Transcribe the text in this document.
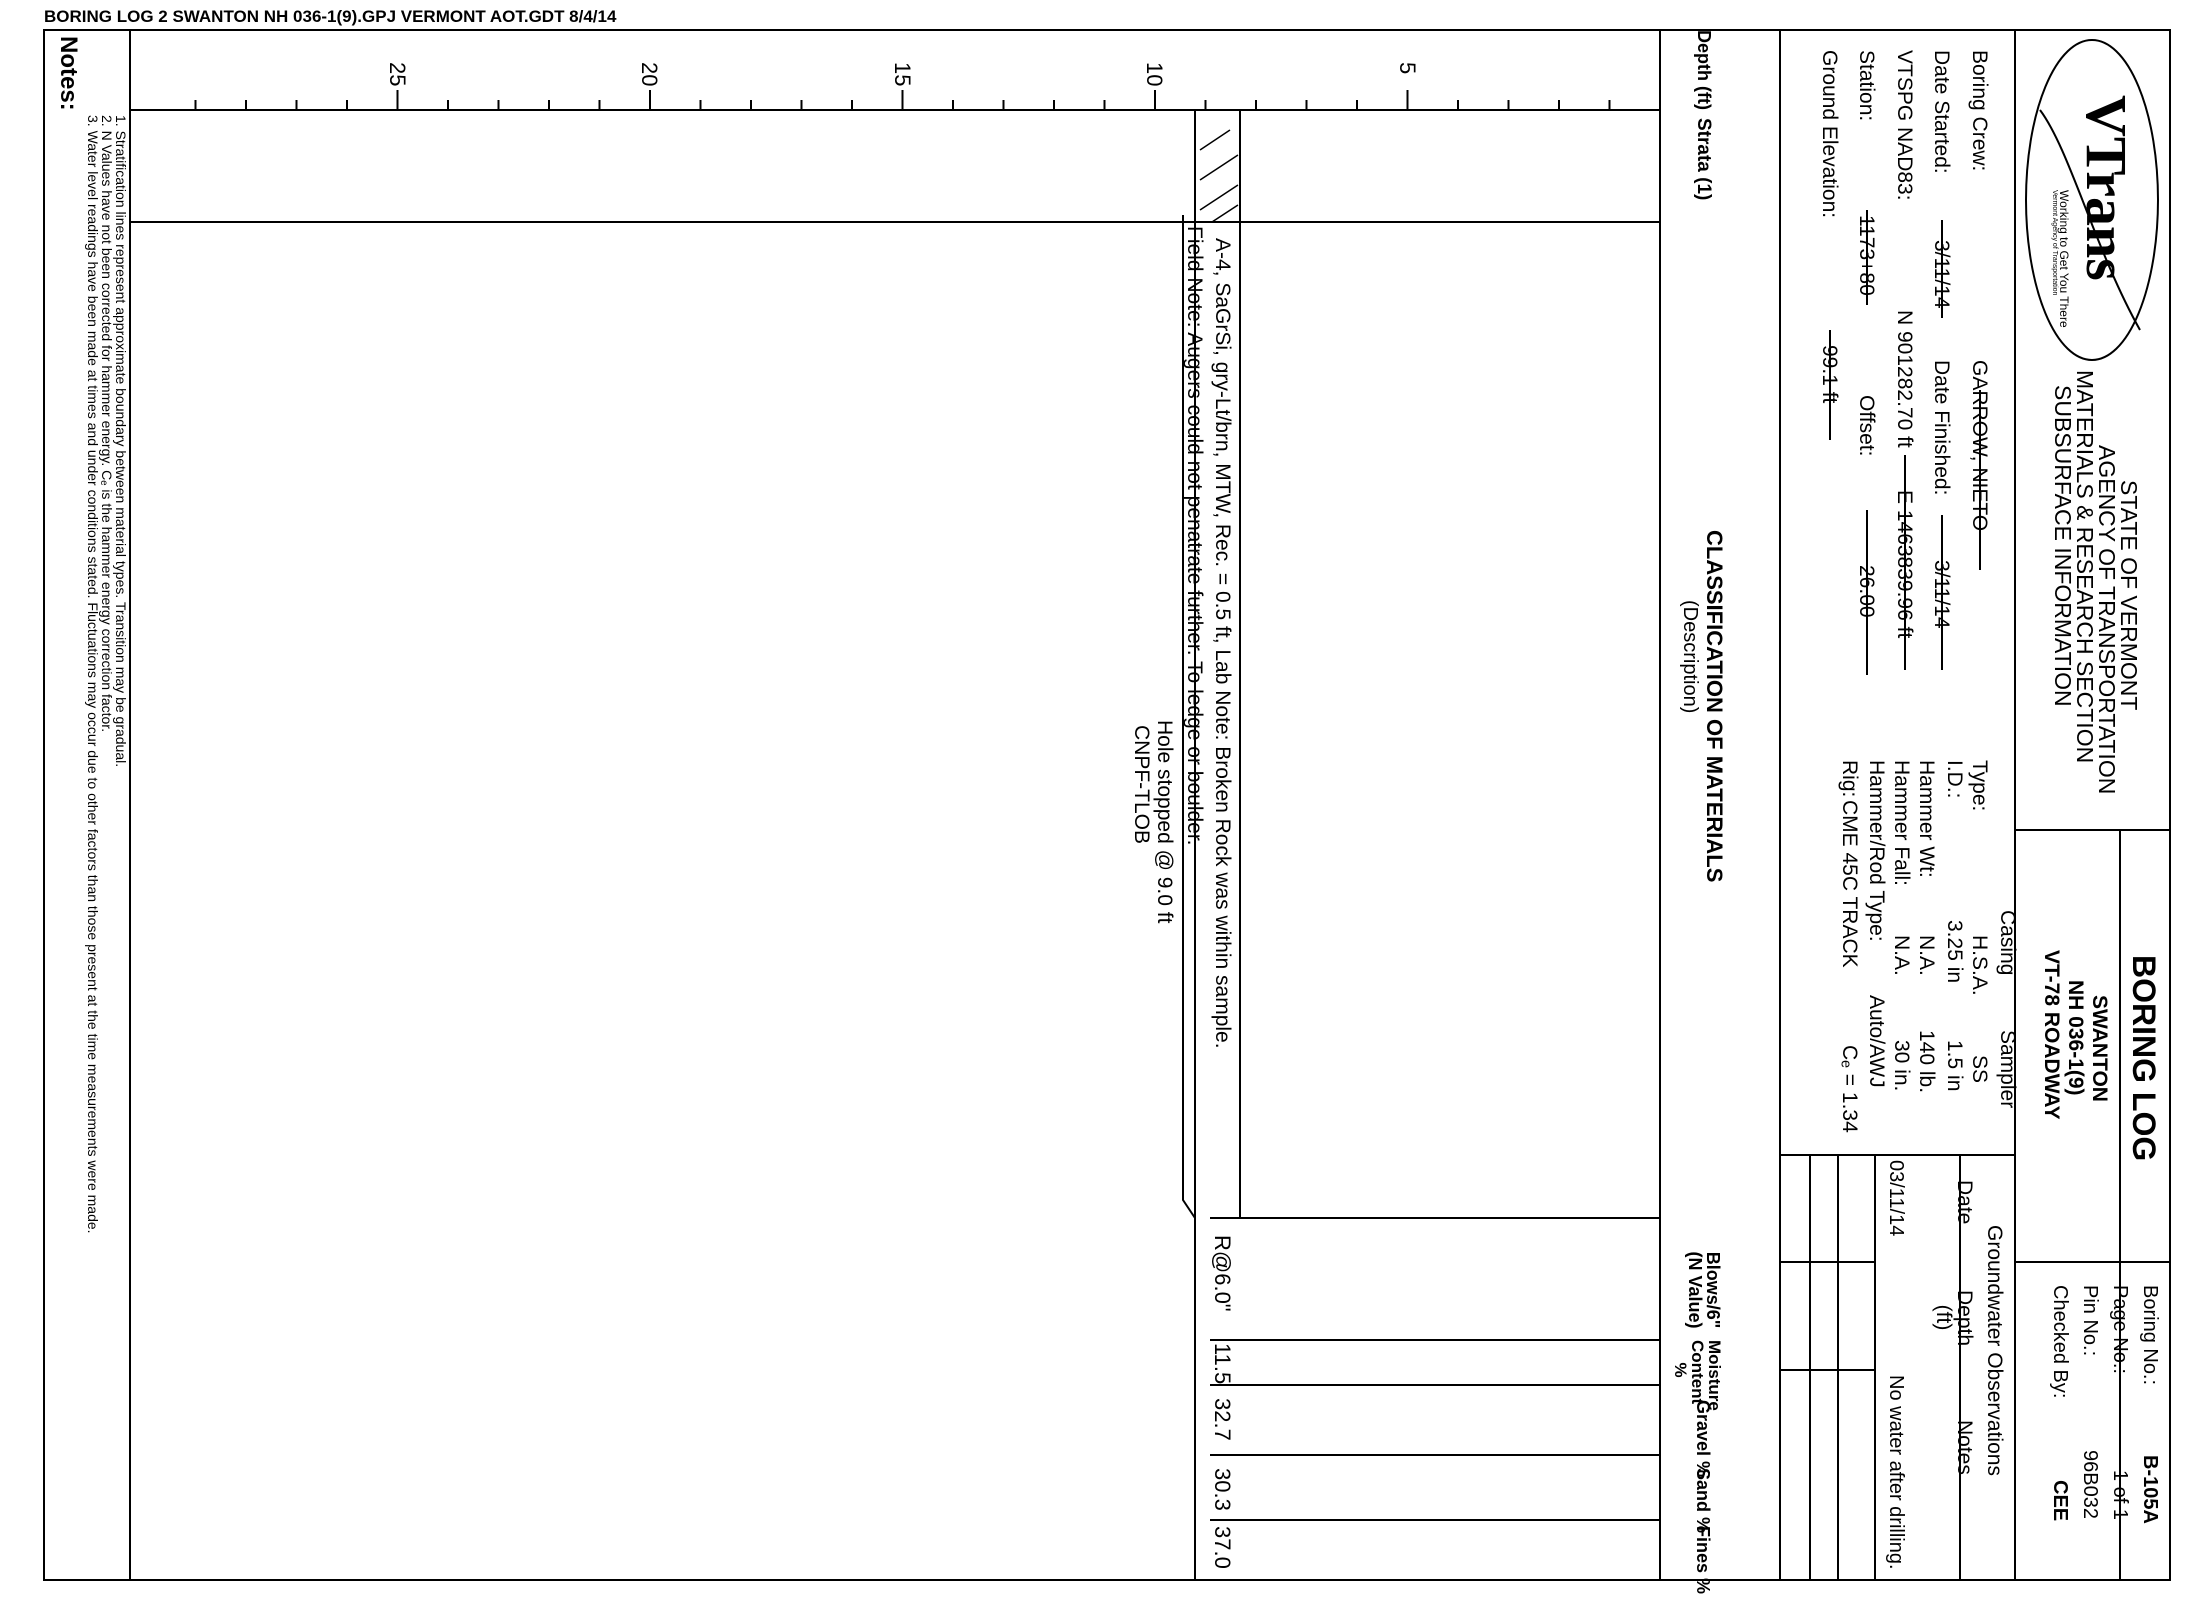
BORING LOG 2 SWANTON NH 036-1(9).GPJ VERMONT AOT.GDT 8/4/14
5
10
15
20
25	Depth (ft)
Strata (1)
CLASSIFICATION OF MATERIALS
(Description)
Blows/6" (N Value)
Moisture Content %
Gravel %
Sand %
Fines %
A-4, SaGrSi, gry-Lt/brn, MTW, Rec. = 0.5 ft, Lab Note: Broken Rock was within sample.
Field Note: Augers could not penatrate further. To ledge or boulder.
Hole stopped @ 9.0 ft
CNPF-TLOB
R@6.0"
11.5
32.7
30.3
37.0
Notes:
1. Stratification lines represent approximate boundary between material types. Transition may be gradual.
2. N Values have not been corrected for hammer energy. Cₑ is the hammer energy correction factor.
3. Water level readings have been made at times and under conditions stated. Fluctuations may occur due to other factors than those present at the time measurements were made.
Boring Crew:
GARROW, NIETO
Date Started:
3/11/14
Date Finished:
3/11/14
VTSPG NAD83:
N 901282.70 ft
E 1463839.96 ft
Station:
1173+80
Offset:
26.00
Ground Elevation:
99.1 ft
Casing
Sampler
Type:
H.S.A.
SS
I.D.:
3.25 in
1.5 in
Hammer Wt:
N.A.
140 lb.
Hammer Fall:
N.A.
30 in.
Hammer/Rod Type:
Auto/AWJ
Rig:
CME 45C TRACK
Cₑ = 1.34
Groundwater Observations
Date
Depth (ft)
Notes
03/11/14
No water after drilling.
STATE OF VERMONT
AGENCY OF TRANSPORTATION
MATERIALS & RESEARCH SECTION
SUBSURFACE INFORMATION
BORING LOG
SWANTON
NH 036-1(9)
VT-78 ROADWAY
Boring No.:
B-105A
Page No.:
1 of 1
Pin No.:
96B032
Checked By:
CEE
VTrans
Working to Get You There
Vermont Agency of Transportation
